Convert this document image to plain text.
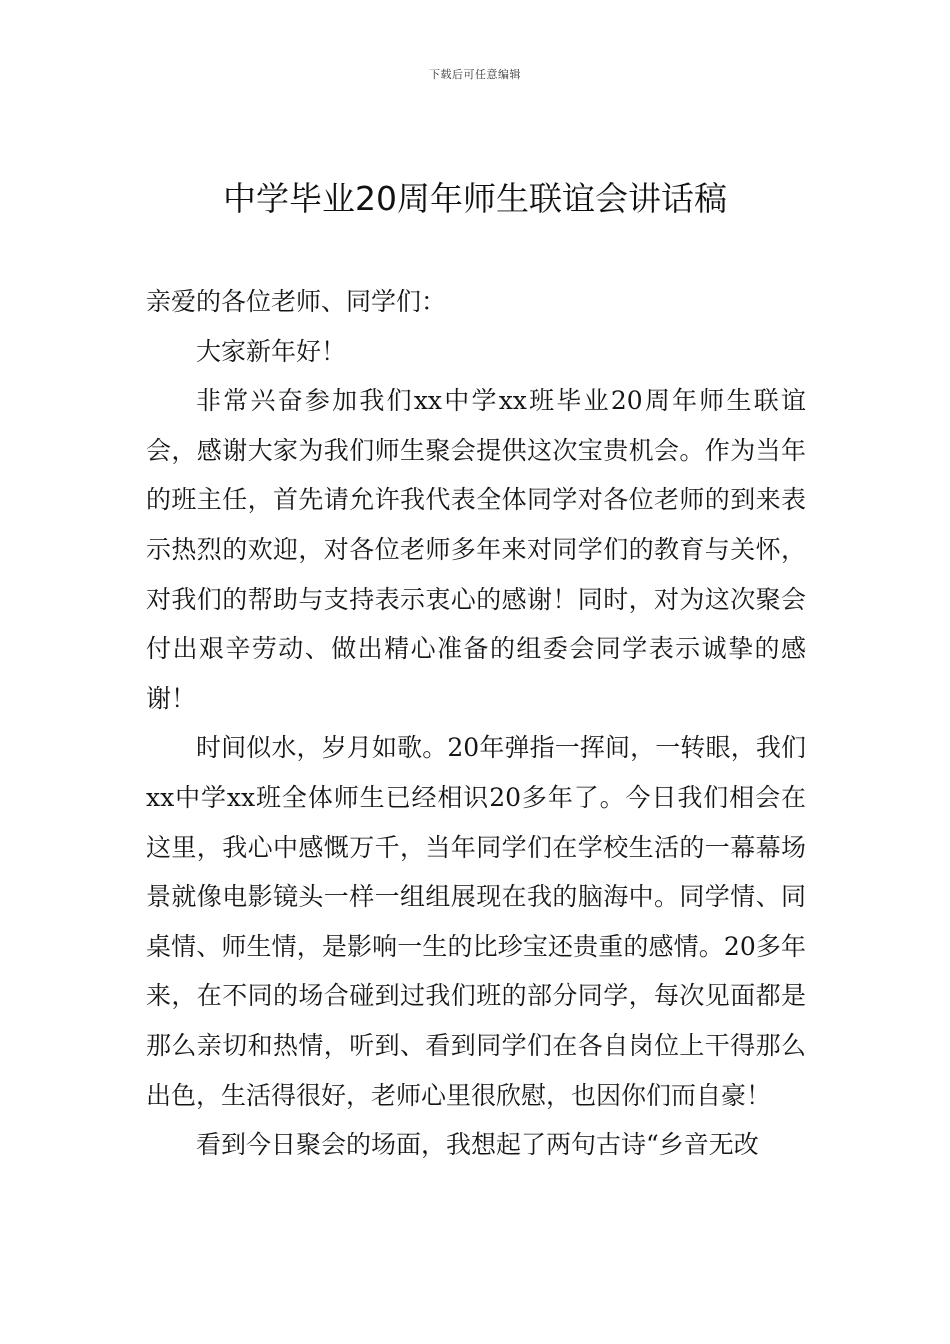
下载后可任意编辑
中学毕业20周年师生联谊会讲话稿

亲爱的各位老师、同学们：

大家新年好！

非常兴奋参加我们xx中学xx班毕业20周年师生联谊会，感谢大家为我们师生聚会提供这次宝贵机会。作为当年的班主任，首先请允许我代表全体同学对各位老师的到来表示热烈的欢迎，对各位老师多年来对同学们的教育与关怀，对我们的帮助与支持表示衷心的感谢！同时，对为这次聚会付出艰辛劳动、做出精心准备的组委会同学表示诚挚的感谢！

时间似水，岁月如歌。20年弹指一挥间，一转眼，我们xx中学xx班全体师生已经相识20多年了。今日我们相会在这里，我心中感慨万千，当年同学们在学校生活的一幕幕场景就像电影镜头一样一组组展现在我的脑海中。同学情、同桌情、师生情，是影响一生的比珍宝还贵重的感情。20多年来，在不同的场合碰到过我们班的部分同学，每次见面都是那么亲切和热情，听到、看到同学们在各自岗位上干得那么出色，生活得很好，老师心里很欣慰，也因你们而自豪！

看到今日聚会的场面，我想起了两句古诗“乡音无改
